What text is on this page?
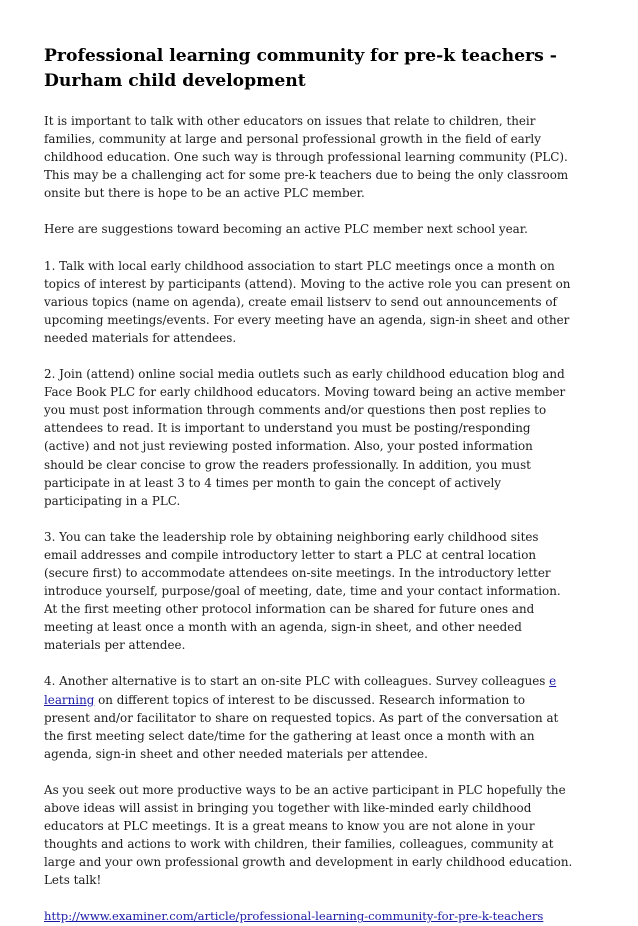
Professional learning community for pre-k teachers - Durham child development

It is important to talk with other educators on issues that relate to children, their families, community at large and personal professional growth in the field of early childhood education. One such way is through professional learning community (PLC). This may be a challenging act for some pre-k teachers due to being the only classroom onsite but there is hope to be an active PLC member.

Here are suggestions toward becoming an active PLC member next school year.

1. Talk with local early childhood association to start PLC meetings once a month on topics of interest by participants (attend). Moving to the active role you can present on various topics (name on agenda), create email listserv to send out announcements of upcoming meetings/events. For every meeting have an agenda, sign-in sheet and other needed materials for attendees.

2. Join (attend) online social media outlets such as early childhood education blog and Face Book PLC for early childhood educators. Moving toward being an active member you must post information through comments and/or questions then post replies to attendees to read. It is important to understand you must be posting/responding (active) and not just reviewing posted information. Also, your posted information should be clear concise to grow the readers professionally. In addition, you must participate in at least 3 to 4 times per month to gain the concept of actively participating in a PLC.

3. You can take the leadership role by obtaining neighboring early childhood sites email addresses and compile introductory letter to start a PLC at central location (secure first) to accommodate attendees on-site meetings. In the introductory letter introduce yourself, purpose/goal of meeting, date, time and your contact information. At the first meeting other protocol information can be shared for future ones and meeting at least once a month with an agenda, sign-in sheet, and other needed materials per attendee.

4. Another alternative is to start an on-site PLC with colleagues. Survey colleagues e learning on different topics of interest to be discussed. Research information to present and/or facilitator to share on requested topics. As part of the conversation at the first meeting select date/time for the gathering at least once a month with an agenda, sign-in sheet and other needed materials per attendee.

As you seek out more productive ways to be an active participant in PLC hopefully the above ideas will assist in bringing you together with like-minded early childhood educators at PLC meetings. It is a great means to know you are not alone in your thoughts and actions to work with children, their families, colleagues, community at large and your own professional growth and development in early childhood education. Lets talk!

http://www.examiner.com/article/professional-learning-community-for-pre-k-teachers
